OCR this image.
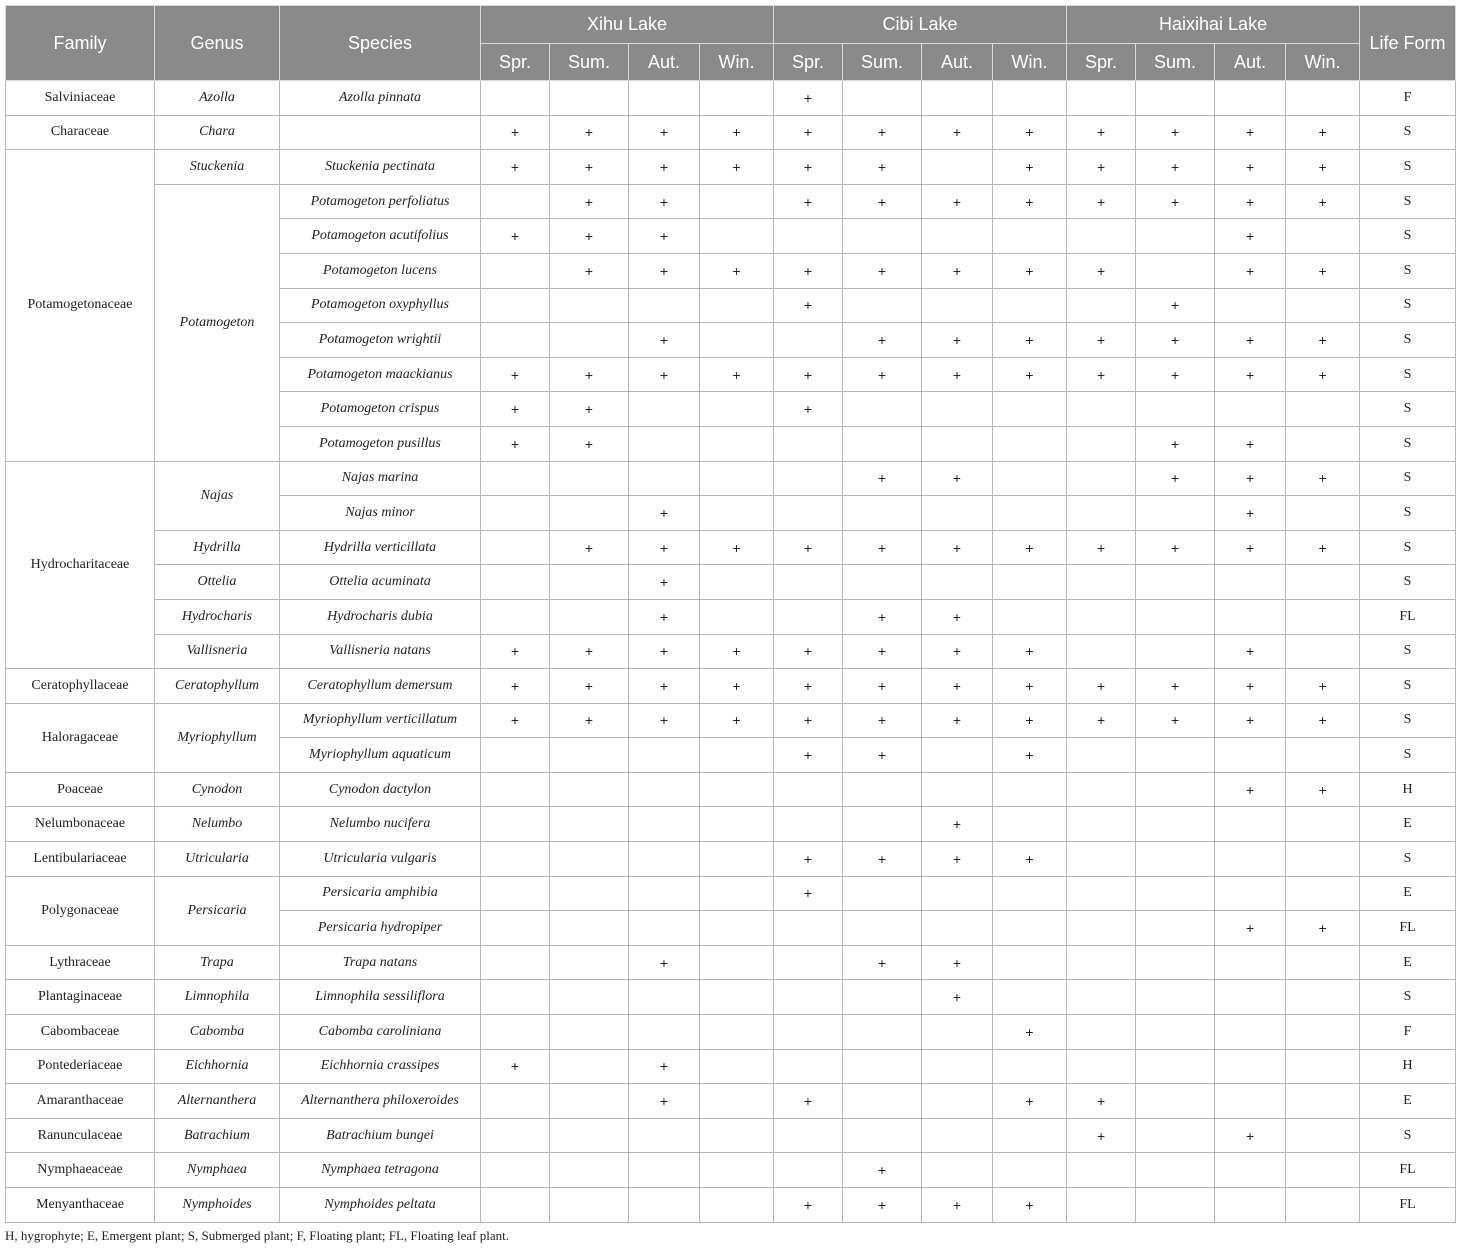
Family	Genus	Species	Xihu Lake				Cibi Lake				Haixihai Lake				Life Form
			Spr.	Sum.	Aut.	Win.	Spr.	Sum.	Aut.	Win.	Spr.	Sum.	Aut.	Win.	
Salviniaceae	Azolla	Azolla pinnata					+								F
Characeae	Chara		+	+	+	+	+	+	+	+	+	+	+	+	S
Potamogetonaceae	Stuckenia	Stuckenia pectinata	+	+	+	+	+	+		+	+	+	+	+	S
	Potamogeton	Potamogeton perfoliatus		+	+		+	+	+	+	+	+	+	+	S
		Potamogeton acutifolius	+	+	+								+		S
		Potamogeton lucens		+	+	+	+	+	+	+	+		+	+	S
		Potamogeton oxyphyllus					+					+			S
		Potamogeton wrightii			+			+	+	+	+	+	+	+	S
		Potamogeton maackianus	+	+	+	+	+	+	+	+	+	+	+	+	S
		Potamogeton crispus	+	+			+								S
		Potamogeton pusillus	+	+								+	+		S
Hydrocharitaceae	Najas	Najas marina						+	+			+	+	+	S
		Najas minor			+								+		S
	Hydrilla	Hydrilla verticillata		+	+	+	+	+	+	+	+	+	+	+	S
	Ottelia	Ottelia acuminata			+										S
	Hydrocharis	Hydrocharis dubia			+			+	+						FL
	Vallisneria	Vallisneria natans	+	+	+	+	+	+	+	+			+		S
Ceratophyllaceae	Ceratophyllum	Ceratophyllum demersum	+	+	+	+	+	+	+	+	+	+	+	+	S
Haloragaceae	Myriophyllum	Myriophyllum verticillatum	+	+	+	+	+	+	+	+	+	+	+	+	S
		Myriophyllum aquaticum					+	+		+					S
Poaceae	Cynodon	Cynodon dactylon											+	+	H
Nelumbonaceae	Nelumbo	Nelumbo nucifera							+						E
Lentibulariaceae	Utricularia	Utricularia vulgaris					+	+	+	+					S
Polygonaceae	Persicaria	Persicaria amphibia					+								E
		Persicaria hydropiper											+	+	FL
Lythraceae	Trapa	Trapa natans			+			+	+						E
Plantaginaceae	Limnophila	Limnophila sessiliflora							+						S
Cabombaceae	Cabomba	Cabomba caroliniana								+					F
Pontederiaceae	Eichhornia	Eichhornia crassipes	+		+										H
Amaranthaceae	Alternanthera	Alternanthera philoxeroides			+		+			+	+				E
Ranunculaceae	Batrachium	Batrachium bungei									+		+		S
Nymphaeaceae	Nymphaea	Nymphaea tetragona						+							FL
Menyanthaceae	Nymphoides	Nymphoides peltata					+	+	+	+					FL
H, hygrophyte; E, Emergent plant; S, Submerged plant; F, Floating plant; FL, Floating leaf plant.
